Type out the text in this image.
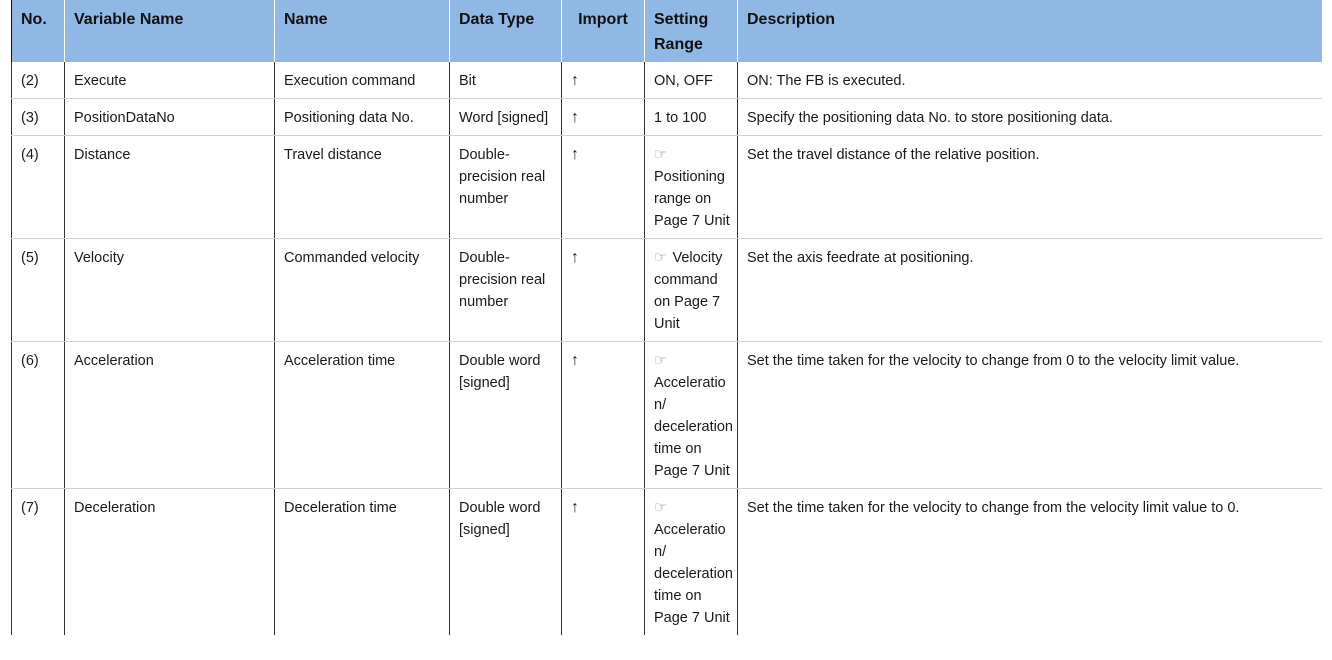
No.	Variable Name	Name	Data Type	Import	Setting Range	Description
(2)	Execute	Execution command	Bit	↑	ON, OFF	ON: The FB is executed.
(3)	PositionDataNo	Positioning data No.	Word [signed]	↑	1 to 100	Specify the positioning data No. to store positioning data.
(4)	Distance	Travel distance	Double-precision real number	↑	☞Positioning range on Page 7 Unit	Set the travel distance of the relative position.
(5)	Velocity	Commanded velocity	Double-precision real number	↑	☞ Velocity command on Page 7 Unit	Set the axis feedrate at positioning.
(6)	Acceleration	Acceleration time	Double word [signed]	↑	☞Acceleration/ deceleration time on Page 7 Unit	Set the time taken for the velocity to change from 0 to the velocity limit value.
(7)	Deceleration	Deceleration time	Double word [signed]	↑	☞Acceleration/ deceleration time on Page 7 Unit	Set the time taken for the velocity to change from the velocity limit value to 0.
